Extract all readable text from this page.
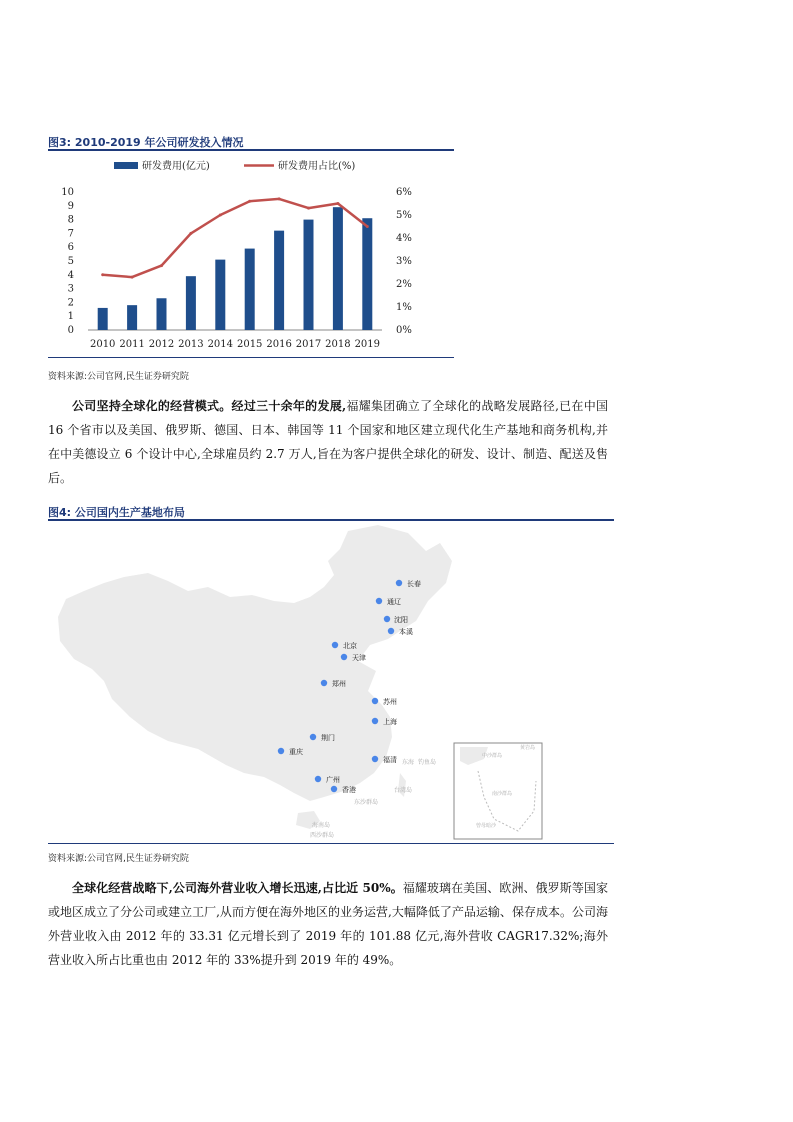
图3: 2010-2019 年公司研发投入情况
0
1
2
3
4
5
6
7
8
9
10
0%
1%
2%
3%
4%
5%
6%
2010 2011 2012 2013 2014 2015 2016 2017 2018 2019
研发费用(亿元)	研发费用占比(%)
资料来源:公司官网,民生证券研究院
公司坚持全球化的经营模式。经过三十余年的发展,福耀集团确立了全球化的战略发展路径,已在中国 16 个省市以及美国、俄罗斯、德国、日本、韩国等 11 个国家和地区建立现代化生产基地和商务机构,并在中美德设立 6 个设计中心,全球雇员约 2.7 万人,旨在为客户提供全球化的研发、设计、制造、配送及售后。
图4: 公司国内生产基地布局
长春
通辽
沈阳
本溪
北京
天津
郑州
苏州
上海
荆门
重庆
福清
广州
香港
东海
台湾岛
钓鱼岛
东沙群岛
海南岛
西沙群岛
中沙群岛
黄岩岛
南沙群岛
曾母暗沙
资料来源:公司官网,民生证券研究院
全球化经营战略下,公司海外营业收入增长迅速,占比近 50%。福耀玻璃在美国、欧洲、俄罗斯等国家或地区成立了分公司或建立工厂,从而方便在海外地区的业务运营,大幅降低了产品运输、保存成本。公司海外营业收入由 2012 年的 33.31 亿元增长到了 2019 年的 101.88 亿元,海外营收 CAGR17.32%;海外营业收入所占比重也由 2012 年的 33%提升到 2019 年的 49%。
